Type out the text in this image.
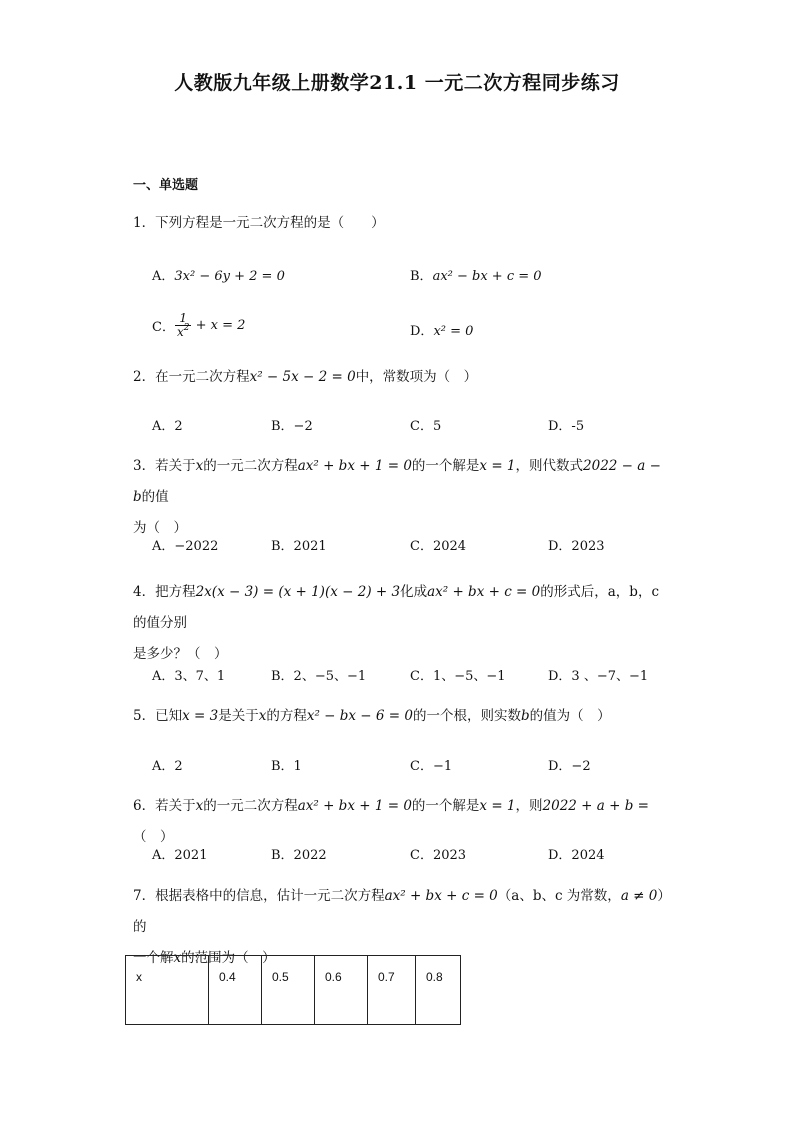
人教版九年级上册数学21.1 一元二次方程同步练习
一、单选题
1．下列方程是一元二次方程的是（　　）
A．3x² − 6y + 2 = 0	B．ax² − bx + c = 0
C． $\frac{1}{x^2} + x = 2$	D．x² = 0
2．在一元二次方程x² − 5x − 2 = 0中，常数项为（　）
A．2	B．−2	C．5	D．-5
3．若关于x的一元二次方程ax² + bx + 1 = 0的一个解是x = 1，则代数式2022 − a − b的值
为（　）
A．−2022	B．2021	C．2024	D．2023
4．把方程2x(x − 3) = (x + 1)(x − 2) + 3化成ax² + bx + c = 0的形式后，a，b，c 的值分别
是多少？（　）
A．3、7、1	B．2、−5、−1	C．1、−5、−1	D．3 、−7、−1
5．已知x = 3是关于x的方程x² − bx − 6 = 0的一个根，则实数b的值为（　）
A．2	B．1	C．−1	D．−2
6．若关于x的一元二次方程ax² + bx + 1 = 0的一个解是x = 1，则2022 + a + b =（　）
A．2021	B．2022	C．2023	D．2024
7．根据表格中的信息，估计一元二次方程ax² + bx + c = 0（a、b、c 为常数，a ≠ 0）的
一个解x的范围为（　）
x	0.4	0.5	0.6	0.7	0.8
